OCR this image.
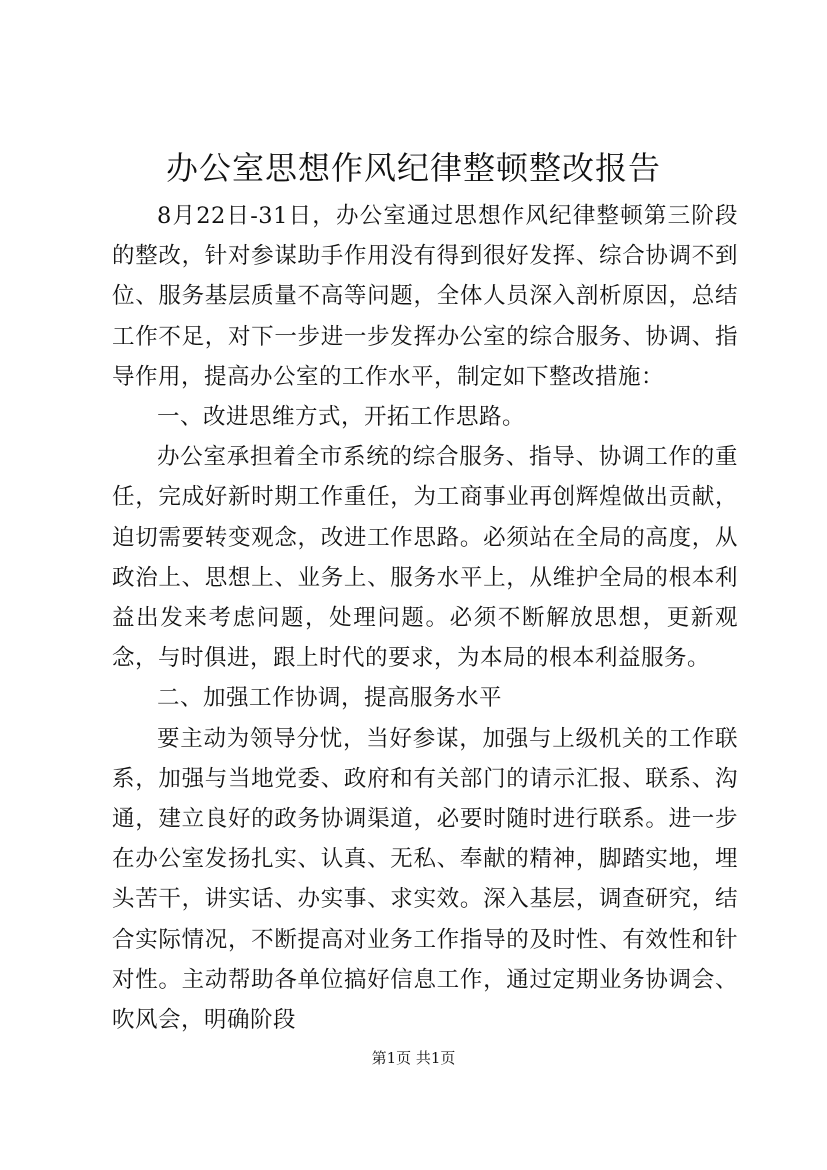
办公室思想作风纪律整顿整改报告

8月22日-31日，办公室通过思想作风纪律整顿第三阶段的整改，针对参谋助手作用没有得到很好发挥、综合协调不到位、服务基层质量不高等问题，全体人员深入剖析原因，总结工作不足，对下一步进一步发挥办公室的综合服务、协调、指导作用，提高办公室的工作水平，制定如下整改措施：

一、改进思维方式，开拓工作思路。

办公室承担着全市系统的综合服务、指导、协调工作的重任，完成好新时期工作重任，为工商事业再创辉煌做出贡献，迫切需要转变观念，改进工作思路。必须站在全局的高度，从政治上、思想上、业务上、服务水平上，从维护全局的根本利益出发来考虑问题，处理问题。必须不断解放思想，更新观念，与时俱进，跟上时代的要求，为本局的根本利益服务。

二、加强工作协调，提高服务水平

要主动为领导分忧，当好参谋，加强与上级机关的工作联系，加强与当地党委、政府和有关部门的请示汇报、联系、沟通，建立良好的政务协调渠道，必要时随时进行联系。进一步在办公室发扬扎实、认真、无私、奉献的精神，脚踏实地，埋头苦干，讲实话、办实事、求实效。深入基层，调查研究，结合实际情况，不断提高对业务工作指导的及时性、有效性和针对性。主动帮助各单位搞好信息工作，通过定期业务协调会、吹风会，明确阶段

第1页 共1页
